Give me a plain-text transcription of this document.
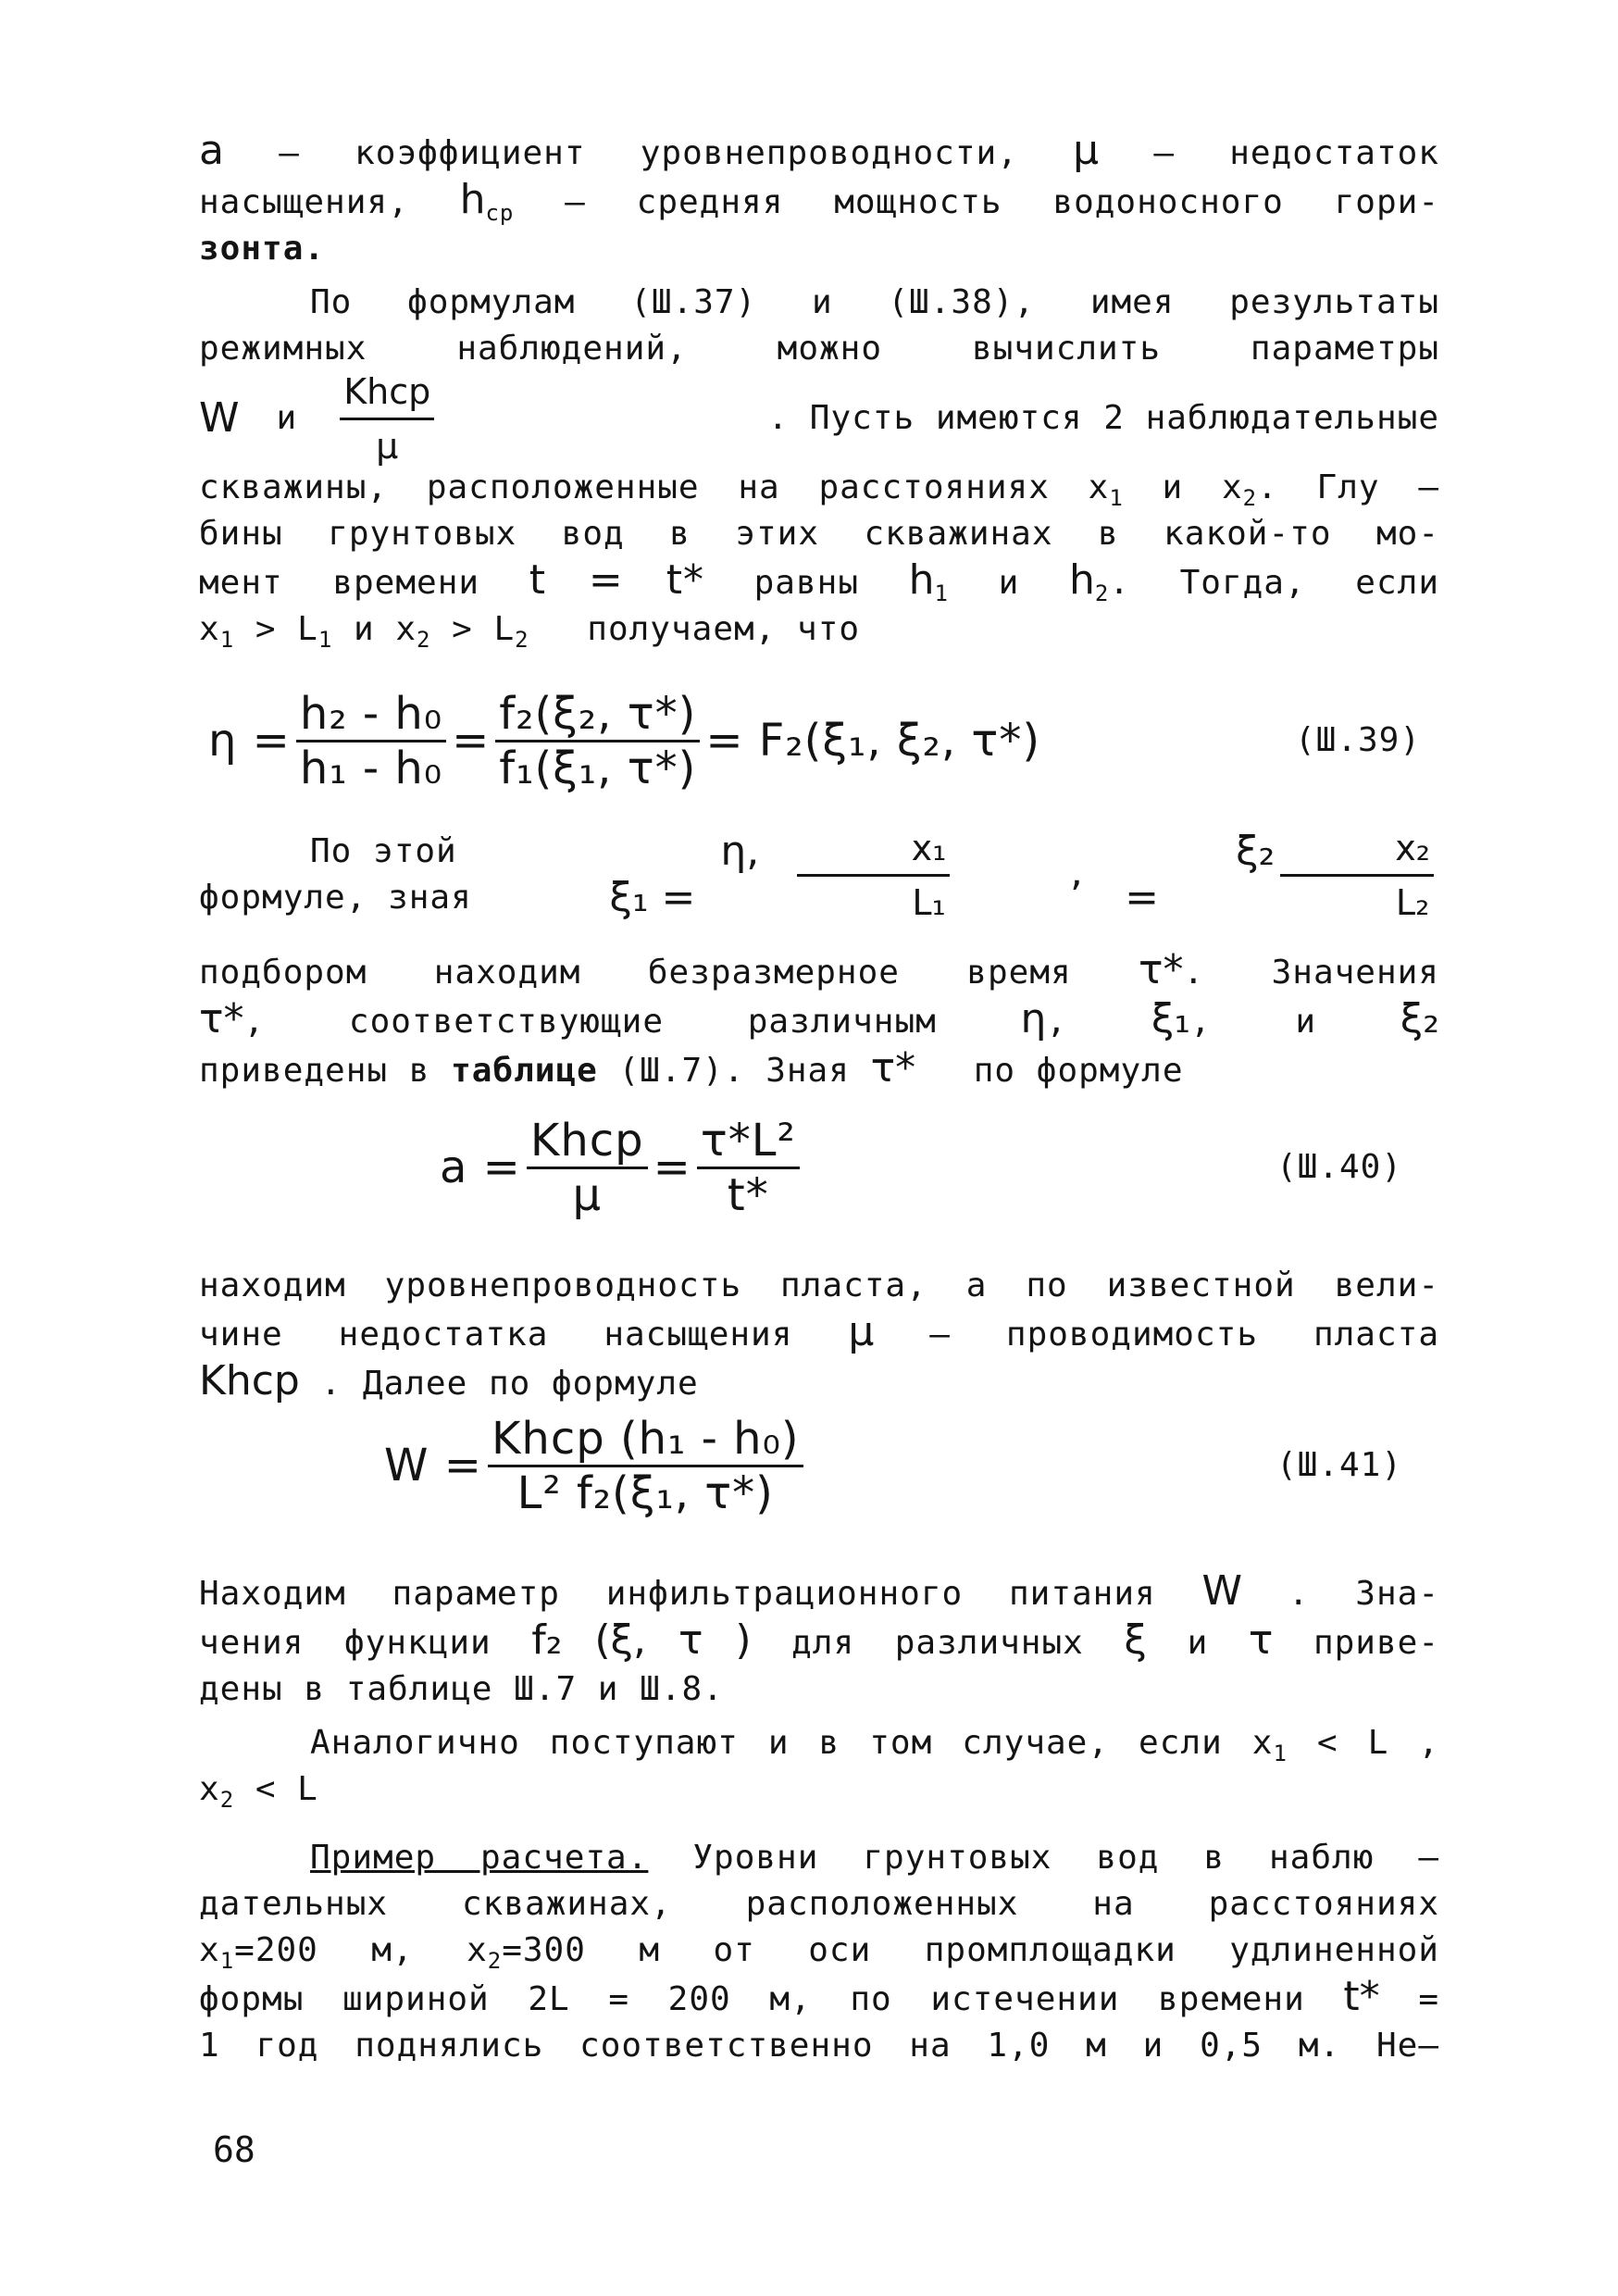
a – коэффициент уровнепроводности, μ – недостаток

насыщения, $h_{cp}$ – средняя мощность водоносного гори-

зонта.

По формулам (Ш.37) и (Ш.38), имея результаты

режимных наблюдений, можно вычислить параметры

W и $\frac{\text{Khcp}}{\mu}$	. Пусть имеются 2 наблюдательные

скважины, расположенные на расстояниях $x_1$ и $x_2$. Глу –

бины грунтовых вод в этих скважинах в какой-то мо-

мент времени t = t* равны $h_1$ и $h_2$. Тогда, если

$x_1 > L_1$ и $x_2 > L_2$ получаем, что

$\eta = \frac{\text{h₂ - h₀}}{\text{h₁ - h₀}} = \frac{\text{f₂(ξ₂, τ*)}}{\text{f₁(ξ₁, τ*)}} = F_2(\xi_1$, ξ₂, τ*)	(Ш.39)

По этой формуле, зная
η, ξ₁ =	$\frac{\text{x₁}}{\text{L₁}}$	,	ξ₂ =	$\frac{\text{x₂}}{\text{L₂}}$

подбором находим безразмерное время τ*. Значения

τ*, соответствующие различным η, ξ₁, и ξ₂

приведены в таблице (Ш.7). Зная τ* по формуле

$a = \frac{\text{Khcp}}{\mu} = \frac{\text{τ*L²}}{t*}$	(Ш.40)

находим уровнепроводность пласта, а по известной вели-

чине недостатка насыщения μ – проводимость пласта

Khcp . Далее по формуле

$W = \frac{\text{Khcp (h₁ - h₀)}}{\text{L² f₂(ξ₁, τ*)}}$	(Ш.41)

Находим параметр инфильтрационного питания W . Зна-

чения функции f₂ (ξ, τ ) для различных ξ и τ приве-

дены в таблице Ш.7 и Ш.8.

Аналогично поступают и в том случае, если $x_1 < L$ ,

$x_2 < L$

Пример расчета. Уровни грунтовых вод в наблю –

дательных скважинах, расположенных на расстояниях

$x_1=200$ м, $x_2=300$ м от оси промплощадки удлиненной

формы шириной 2L = 200 м, по истечении времени t* =

1 год поднялись соответственно на 1,0 м и 0,5 м. Не–

68
